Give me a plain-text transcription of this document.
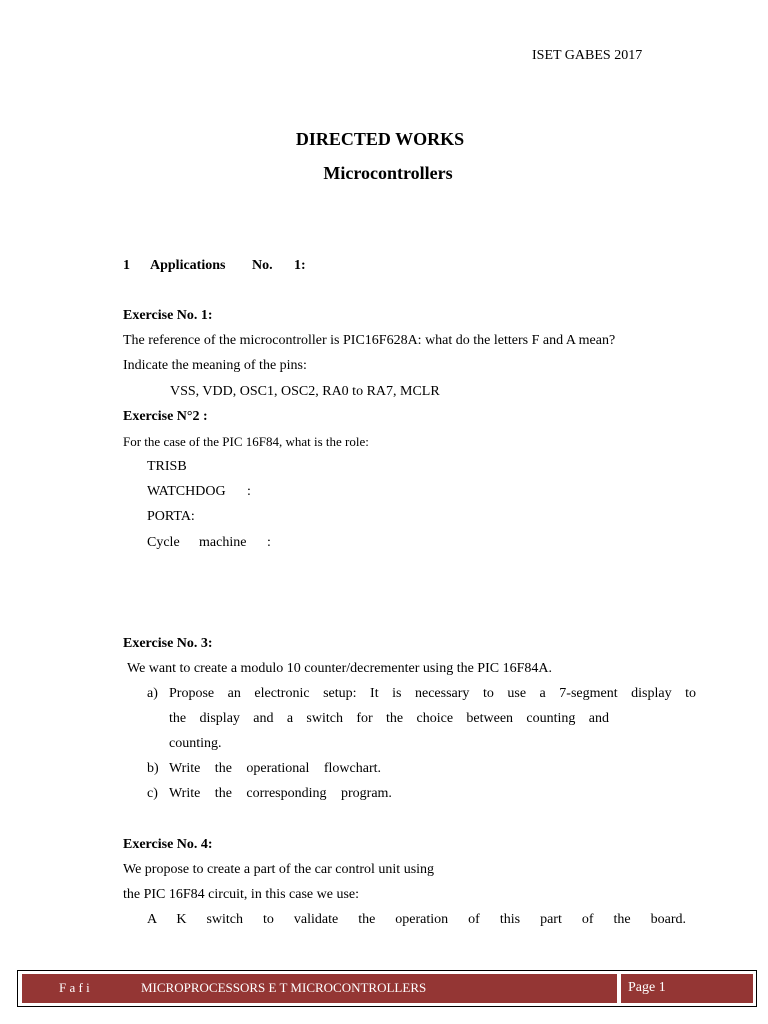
ISET GABES 2017
DIRECTED WORKS
Microcontrollers
1 Applications No. 1:
Exercise No. 1:
The reference of the microcontroller is PIC16F628A: what do the letters F and A mean?
Indicate the meaning of the pins:
VSS, VDD, OSC1, OSC2, RA0 to RA7, MCLR
Exercise N°2 :
For the case of the PIC 16F84, what is the role:
TRISB
WATCHDOG :
PORTA:
Cycle machine :
Exercise No. 3:
We want to create a modulo 10 counter/decrementer using the PIC 16F84A.
a) Propose an electronic setup: It is necessary to use a 7-segment display to
the display and a switch for the choice between counting and
counting.
b) Write the operational flowchart.
c) Write the corresponding program.
Exercise No. 4:
We propose to create a part of the car control unit using
the PIC 16F84 circuit, in this case we use:
A K switch to validate the operation of this part of the board.
F a f i	MICROPROCESSORS E T MICROCONTROLLERS	Page 1
